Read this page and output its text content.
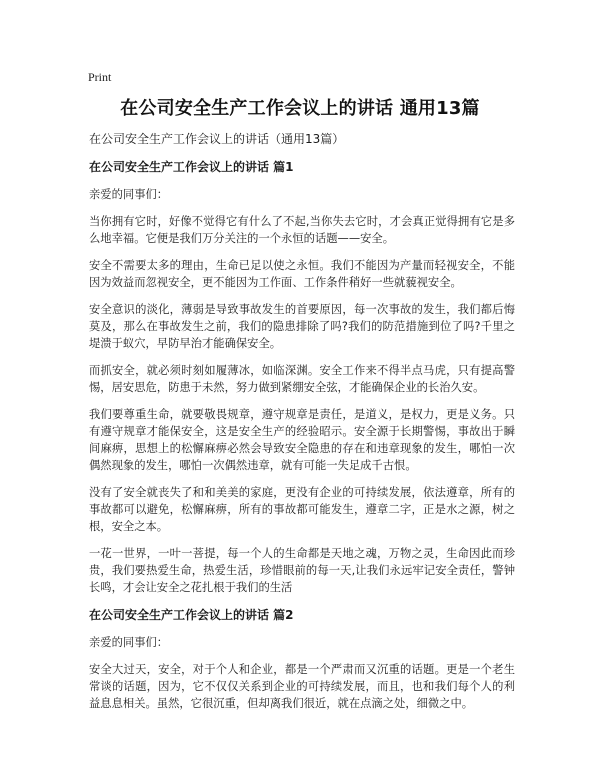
Print
在公司安全生产工作会议上的讲话 通用13篇
在公司安全生产工作会议上的讲话（通用13篇）
在公司安全生产工作会议上的讲话 篇1
亲爱的同事们：
当你拥有它时，好像不觉得它有什么了不起,当你失去它时，才会真正觉得拥有它是多么地幸福。它便是我们万分关注的一个永恒的话题——安全。
安全不需要太多的理由，生命已足以使之永恒。我们不能因为产量而轻视安全，不能因为效益而忽视安全，更不能因为工作面、工作条件稍好一些就藐视安全。
安全意识的淡化，薄弱是导致事故发生的首要原因，每一次事故的发生，我们都后悔莫及，那么在事故发生之前，我们的隐患排除了吗?我们的防范措施到位了吗?千里之堤溃于蚁穴，早防早治才能确保安全。
而抓安全，就必须时刻如履薄冰，如临深渊。安全工作来不得半点马虎，只有提高警惕，居安思危，防患于未然，努力做到紧绷安全弦，才能确保企业的长治久安。
我们要尊重生命，就要敬畏规章，遵守规章是责任，是道义，是权力，更是义务。只有遵守规章才能保安全，这是安全生产的经验昭示。安全源于长期警惕，事故出于瞬间麻痹，思想上的松懈麻痹必然会导致安全隐患的存在和违章现象的发生，哪怕一次偶然现象的发生，哪怕一次偶然违章，就有可能一失足成千古恨。
没有了安全就丧失了和和美美的家庭，更没有企业的可持续发展，依法遵章，所有的事故都可以避免，松懈麻痹，所有的事故都可能发生，遵章二字，正是水之源，树之根，安全之本。
一花一世界，一叶一菩提，每一个人的生命都是天地之魂，万物之灵，生命因此而珍贵，我们要热爱生命，热爱生活，珍惜眼前的每一天,让我们永远牢记安全责任，警钟长鸣，才会让安全之花扎根于我们的生活
在公司安全生产工作会议上的讲话 篇2
亲爱的同事们：
安全大过天，安全，对于个人和企业，都是一个严肃而又沉重的话题。更是一个老生常谈的话题，因为，它不仅仅关系到企业的可持续发展，而且，也和我们每个人的利益息息相关。虽然，它很沉重，但却离我们很近，就在点滴之处，细微之中。
